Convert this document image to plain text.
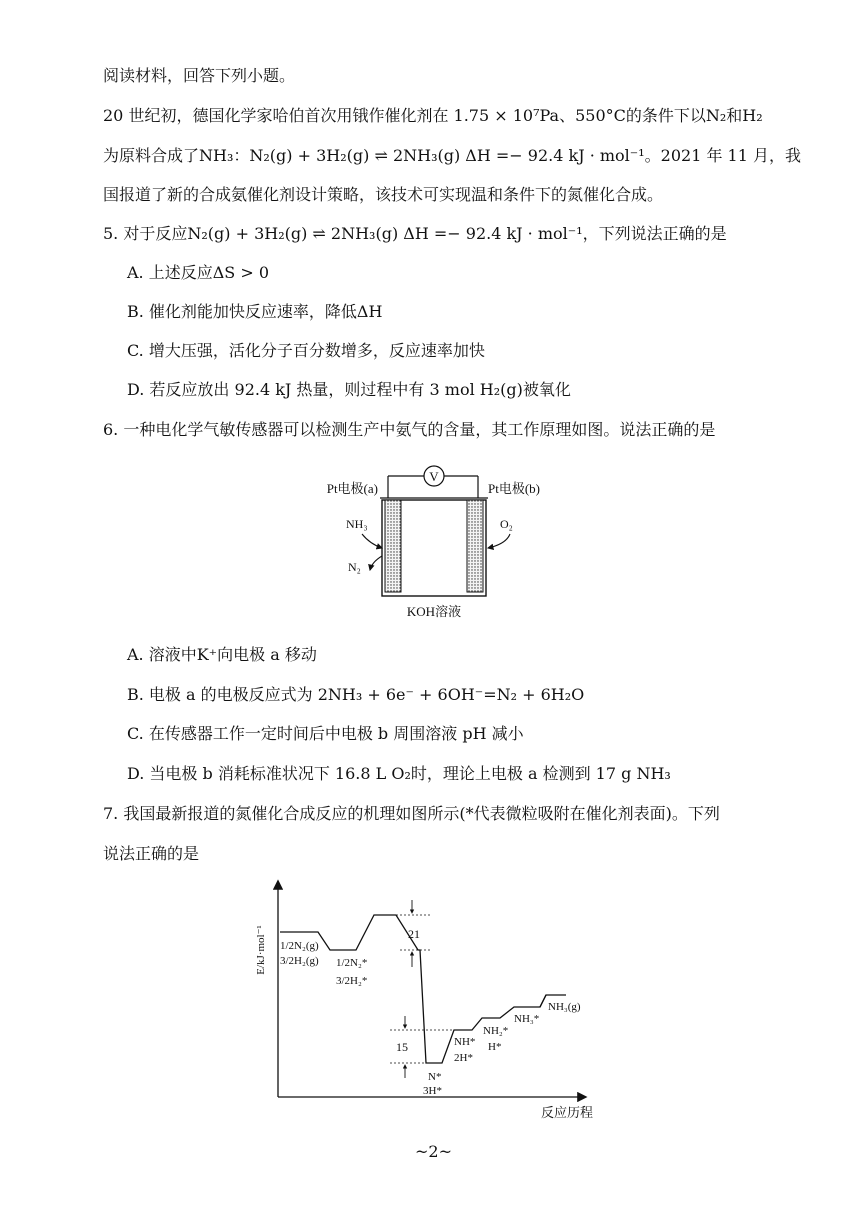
阅读材料，回答下列小题。
20 世纪初，德国化学家哈伯首次用锇作催化剂在 1.75 × 10⁷Pa、550°C的条件下以N₂和H₂
为原料合成了NH₃：N₂(g) + 3H₂(g) ⇌ 2NH₃(g) ΔH =− 92.4 kJ · mol⁻¹。2021 年 11 月，我
国报道了新的合成氨催化剂设计策略，该技术可实现温和条件下的氮催化合成。
5. 对于反应N₂(g) + 3H₂(g) ⇌ 2NH₃(g) ΔH =− 92.4 kJ · mol⁻¹，下列说法正确的是
A. 上述反应ΔS > 0
B. 催化剂能加快反应速率，降低ΔH
C. 增大压强，活化分子百分数增多，反应速率加快
D. 若反应放出 92.4 kJ 热量，则过程中有 3 mol H₂(g)被氧化
6. 一种电化学气敏传感器可以检测生产中氨气的含量，其工作原理如图。说法正确的是
V
Pt电极(a)	Pt电极(b)
NH₃
N₂
O₂
KOH溶液
A. 溶液中K⁺向电极 a 移动
B. 电极 a 的电极反应式为 2NH₃ + 6e⁻ + 6OH⁻=N₂ + 6H₂O
C. 在传感器工作一定时间后中电极 b 周围溶液 pH 减小
D. 当电极 b 消耗标准状况下 16.8 L O₂时，理论上电极 a 检测到 17 g NH₃
7. 我国最新报道的氮催化合成反应的机理如图所示(*代表微粒吸附在催化剂表面)。下列
说法正确的是
E/kJ·mol⁻¹
反应历程
21
15
1/2N₂(g)
3/2H₂(g) 1/2N₂*
3/2H₂*
N*
3H*
NH*
2H*
NH₂*
H*
NH₃*
NH₃(g)
~2~
